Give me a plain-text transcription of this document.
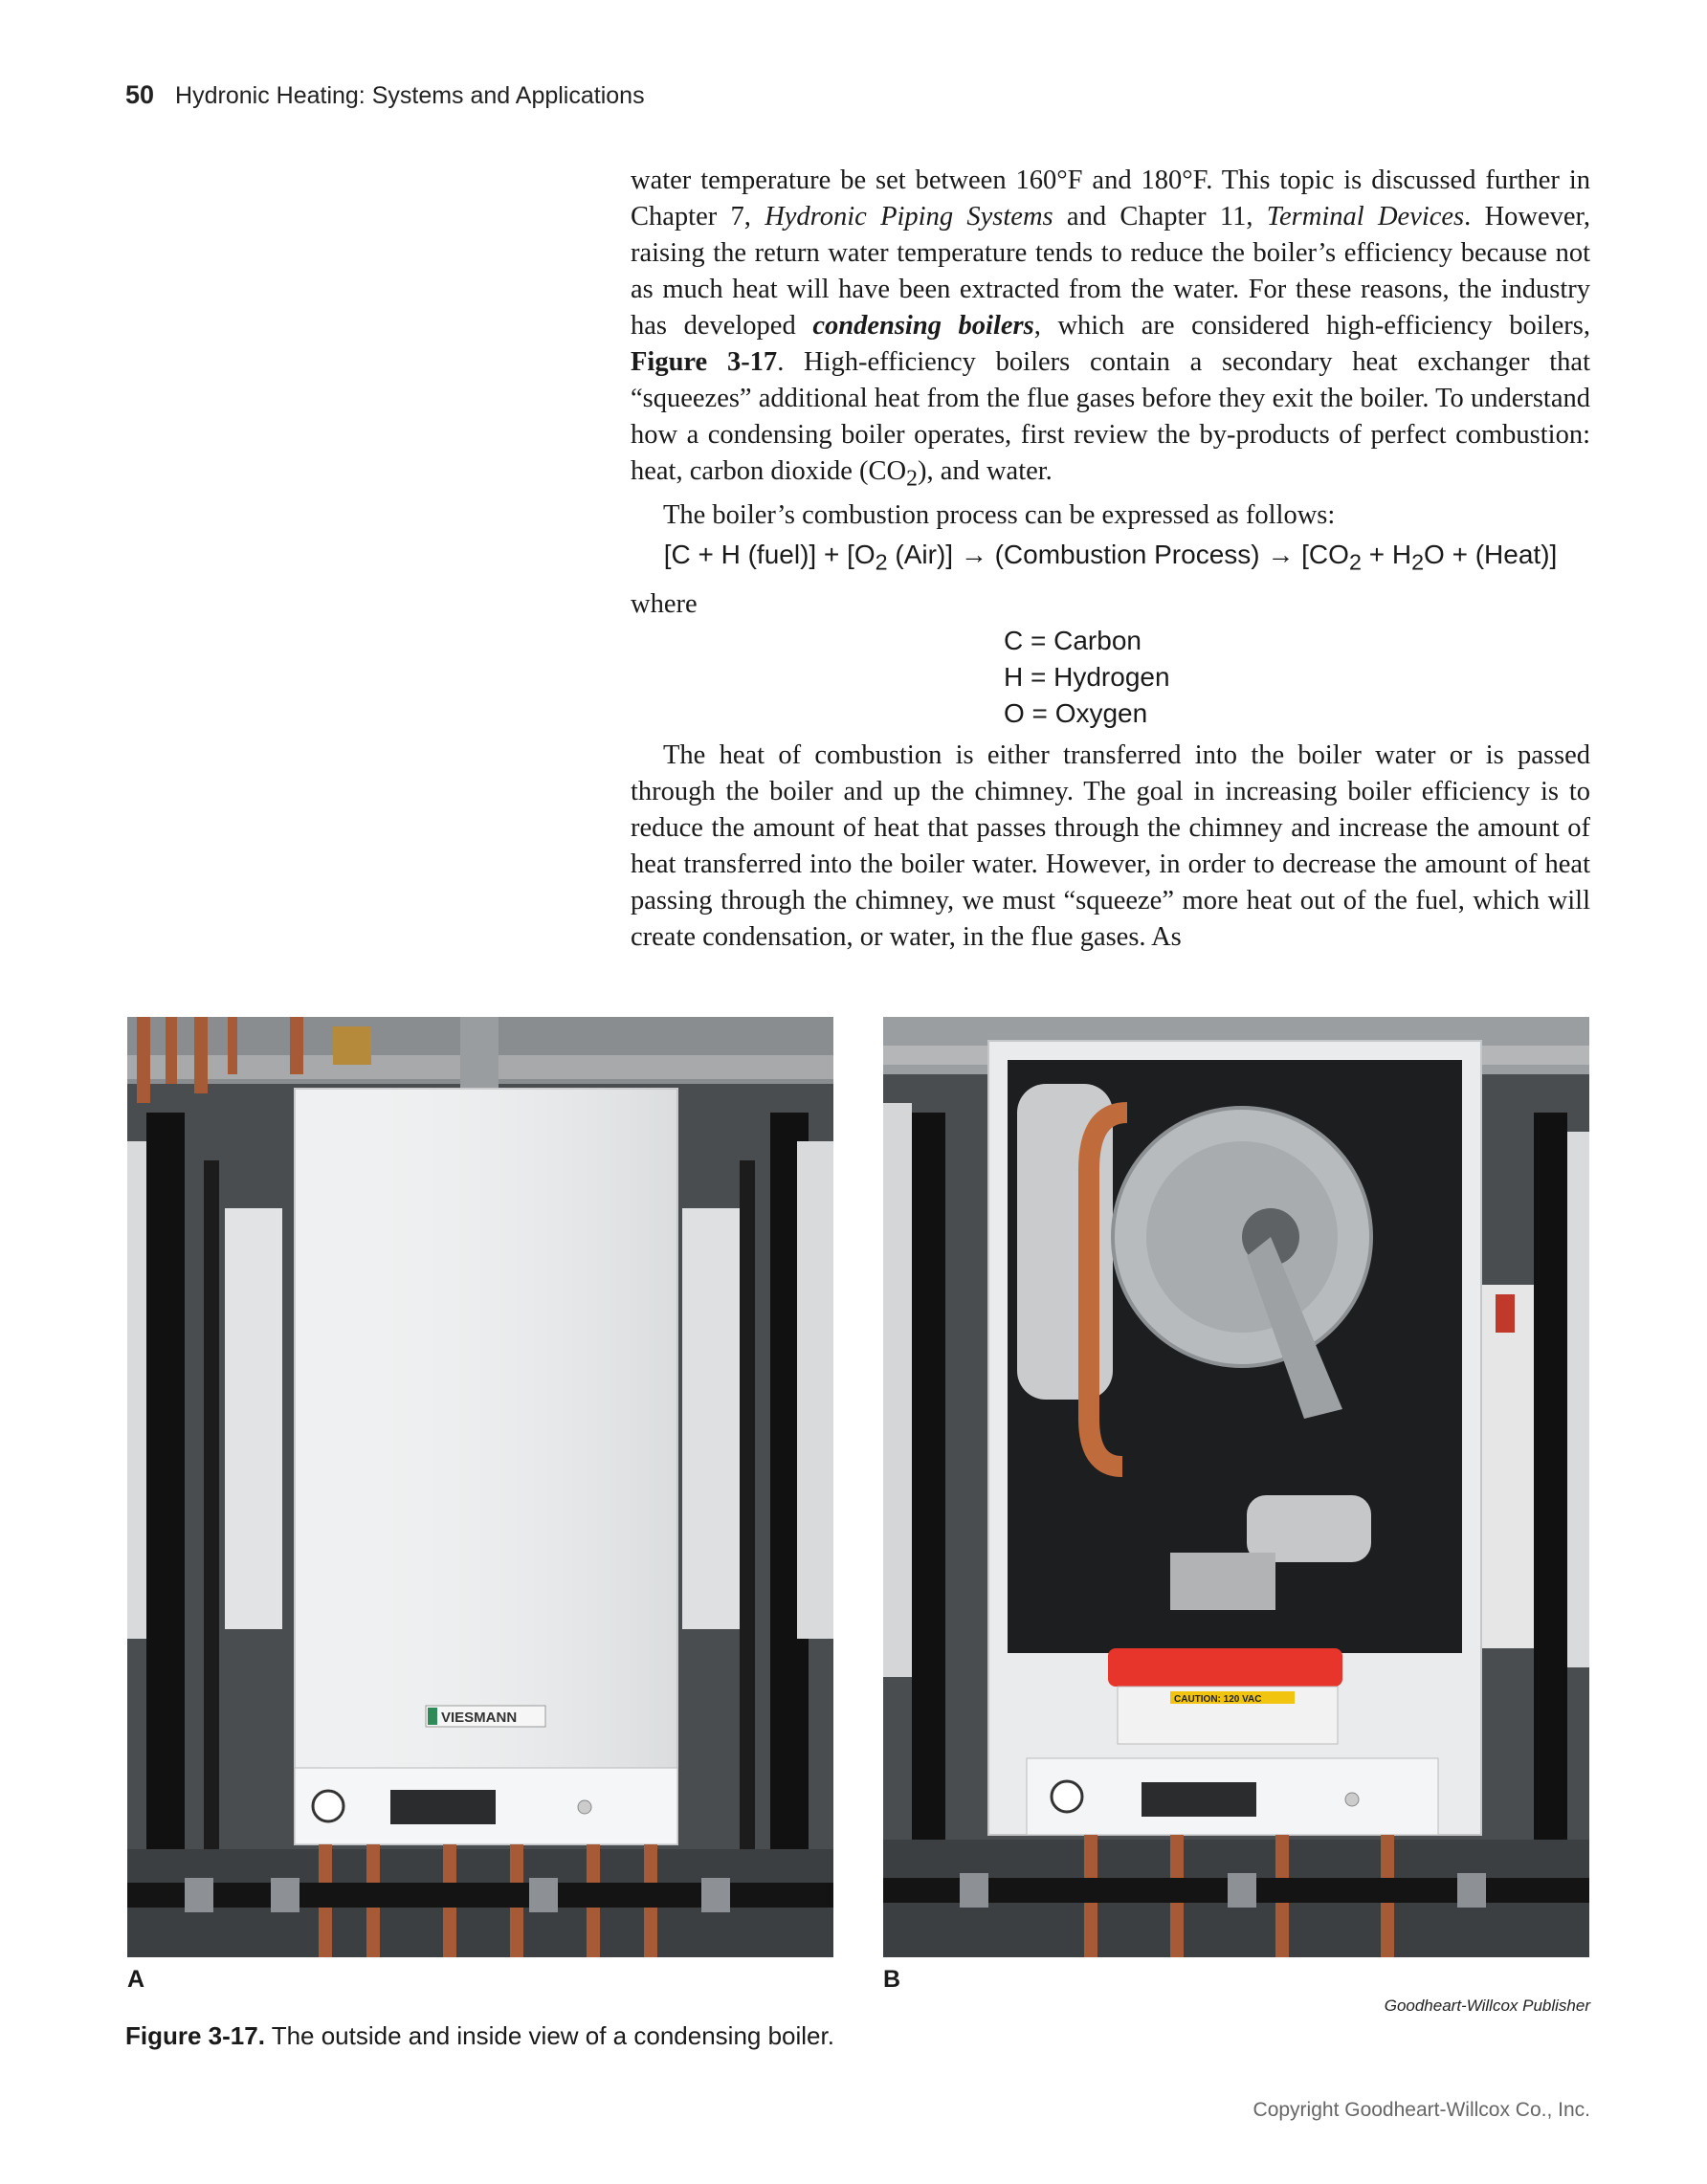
50 Hydronic Heating: Systems and Applications

water temperature be set between 160°F and 180°F. This topic is discussed further in Chapter 7, Hydronic Piping Systems and Chapter 11, Terminal Devices. However, raising the return water temperature tends to reduce the boiler’s efficiency because not as much heat will have been extracted from the water. For these reasons, the industry has developed condensing boilers, which are considered high-efficiency boilers, Figure 3-17. High-efficiency boilers contain a secondary heat exchanger that “squeezes” additional heat from the flue gases before they exit the boiler. To understand how a condensing boiler operates, first review the by-products of perfect combustion: heat, carbon dioxide $(CO_2)$, and water.

The boiler’s combustion process can be expressed as follows:

[C + H (fuel)] + [$O_2$ (Air)] → (Combustion Process) → [$CO_2 + H_2O$ + (Heat)]

where

C = Carbon
H = Hydrogen
O = Oxygen

The heat of combustion is either transferred into the boiler water or is passed through the boiler and up the chimney. The goal in increasing boiler efficiency is to reduce the amount of heat that passes through the chimney and increase the amount of heat transferred into the boiler water. However, in order to decrease the amount of heat passing through the chimney, we must “squeeze” more heat out of the fuel, which will create condensation, or water, in the flue gases. As

VIESMANN
CAUTION: 120 VAC
A	B
Goodheart-Willcox Publisher
Figure 3-17. The outside and inside view of a condensing boiler.
Copyright Goodheart-Willcox Co., Inc.
